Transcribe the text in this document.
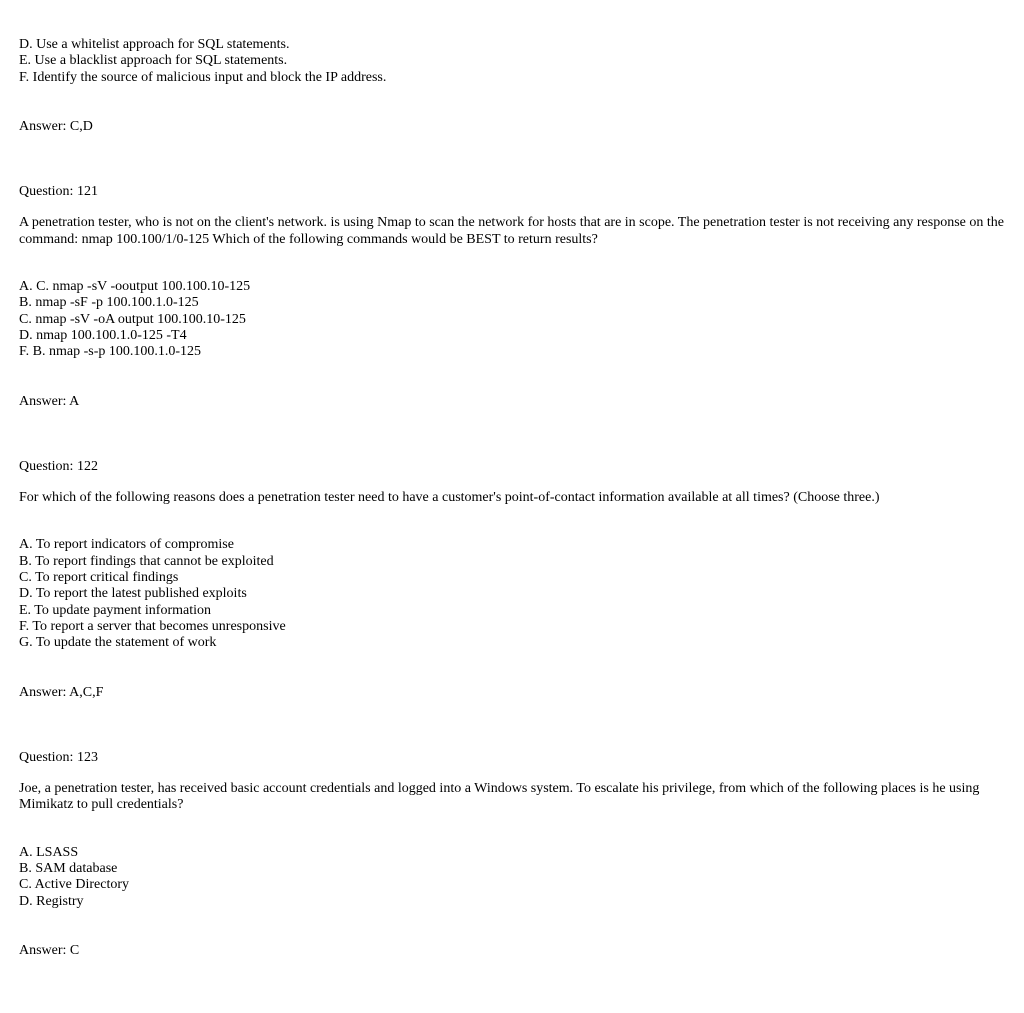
D. Use a whitelist approach for SQL statements.

E. Use a blacklist approach for SQL statements.

F. Identify the source of malicious input and block the IP address.

Answer: C,D

Question: 121

A penetration tester, who is not on the client's network. is using Nmap to scan the network for hosts that are in scope. The penetration tester is not receiving any response on the command: nmap 100.100/1/0-125 Which of the following commands would be BEST to return results?

A. C. nmap -sV -ooutput 100.100.10-125

B. nmap -sF -p 100.100.1.0-125

C. nmap -sV -oA output 100.100.10-125

D. nmap 100.100.1.0-125 -T4

F. B. nmap -s-p 100.100.1.0-125

Answer: A

Question: 122

For which of the following reasons does a penetration tester need to have a customer's point-of-contact information available at all times? (Choose three.)

A. To report indicators of compromise

B. To report findings that cannot be exploited

C. To report critical findings

D. To report the latest published exploits

E. To update payment information

F. To report a server that becomes unresponsive

G. To update the statement of work

Answer: A,C,F

Question: 123

Joe, a penetration tester, has received basic account credentials and logged into a Windows system. To escalate his privilege, from which of the following places is he using Mimikatz to pull credentials?

A. LSASS

B. SAM database

C. Active Directory

D. Registry

Answer: C
